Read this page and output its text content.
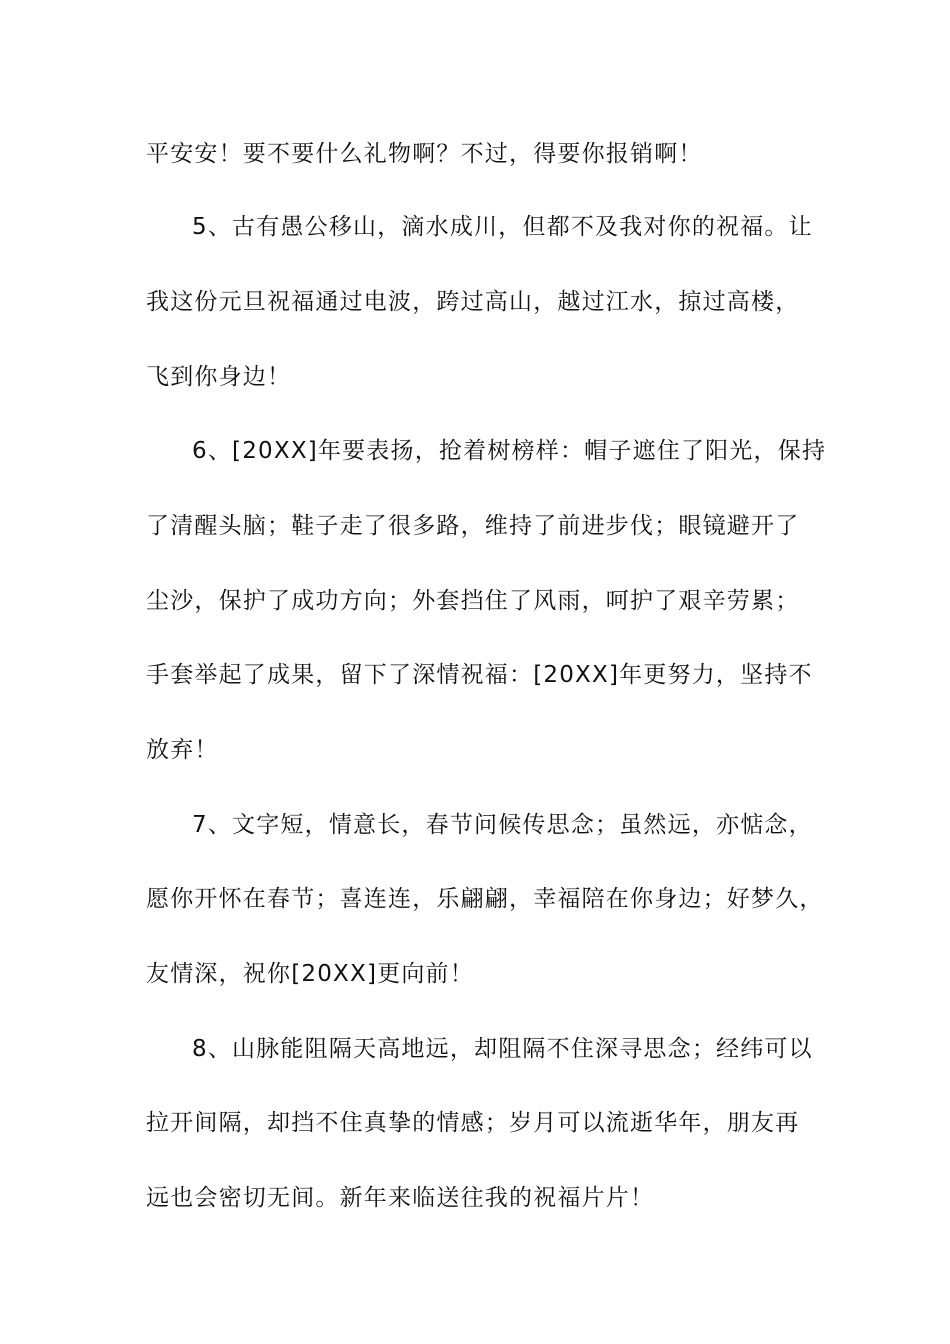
平安安！要不要什么礼物啊？不过，得要你报销啊！
5、古有愚公移山，滴水成川，但都不及我对你的祝福。让
我这份元旦祝福通过电波，跨过高山，越过江水，掠过高楼，
飞到你身边！
6、[20XX]年要表扬，抢着树榜样：帽子遮住了阳光，保持
了清醒头脑；鞋子走了很多路，维持了前进步伐；眼镜避开了
尘沙，保护了成功方向；外套挡住了风雨，呵护了艰辛劳累；
手套举起了成果，留下了深情祝福：[20XX]年更努力，坚持不
放弃！
7、文字短，情意长，春节问候传思念；虽然远，亦惦念，
愿你开怀在春节；喜连连，乐翩翩，幸福陪在你身边；好梦久，
友情深，祝你[20XX]更向前！
8、山脉能阻隔天高地远，却阻隔不住深寻思念；经纬可以
拉开间隔，却挡不住真挚的情感；岁月可以流逝华年，朋友再
远也会密切无间。新年来临送往我的祝福片片！
